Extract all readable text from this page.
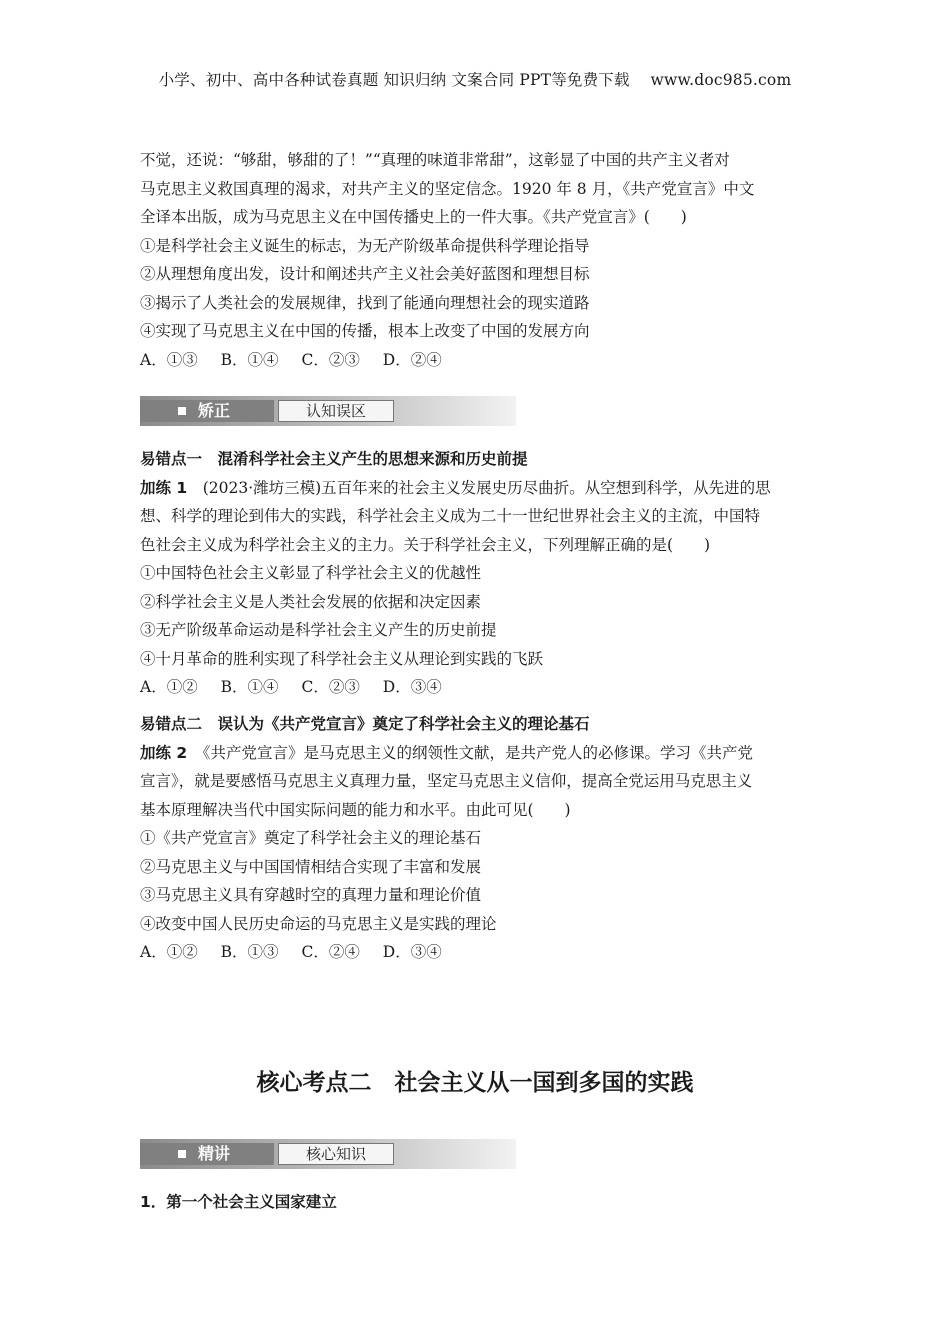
小学、初中、高中各种试卷真题 知识归纳 文案合同 PPT等免费下载　 www.doc985.com

不觉，还说：“够甜，够甜的了！”“真理的味道非常甜”，这彰显了中国的共产主义者对

马克思主义救国真理的渴求，对共产主义的坚定信念。1920 年 8 月，《共产党宣言》中文

全译本出版，成为马克思主义在中国传播史上的一件大事。《共产党宣言》(　　)

①是科学社会主义诞生的标志，为无产阶级革命提供科学理论指导

②从理想角度出发，设计和阐述共产主义社会美好蓝图和理想目标

③揭示了人类社会的发展规律，找到了能通向理想社会的现实道路

④实现了马克思主义在中国的传播，根本上改变了中国的发展方向

A．①③ B．①④ C．②③ D．②④

矫正	认知误区

易错点一　混淆科学社会主义产生的思想来源和历史前提

加练 1　 (2023·潍坊三模)五百年来的社会主义发展史历尽曲折。从空想到科学，从先进的思

想、科学的理论到伟大的实践，科学社会主义成为二十一世纪世界社会主义的主流，中国特

色社会主义成为科学社会主义的主力。关于科学社会主义，下列理解正确的是(　　)

①中国特色社会主义彰显了科学社会主义的优越性

②科学社会主义是人类社会发展的依据和决定因素

③无产阶级革命运动是科学社会主义产生的历史前提

④十月革命的胜利实现了科学社会主义从理论到实践的飞跃

A．①② B．①④ C．②③ D．③④

易错点二　误认为《共产党宣言》奠定了科学社会主义的理论基石

加练 2　 《共产党宣言》是马克思主义的纲领性文献，是共产党人的必修课。学习《共产党

宣言》，就是要感悟马克思主义真理力量，坚定马克思主义信仰，提高全党运用马克思主义

基本原理解决当代中国实际问题的能力和水平。由此可见(　　)

①《共产党宣言》奠定了科学社会主义的理论基石

②马克思主义与中国国情相结合实现了丰富和发展

③马克思主义具有穿越时空的真理力量和理论价值

④改变中国人民历史命运的马克思主义是实践的理论

A．①② B．①③ C．②④ D．③④

核心考点二　社会主义从一国到多国的实践
精讲	核心知识

1．第一个社会主义国家建立
